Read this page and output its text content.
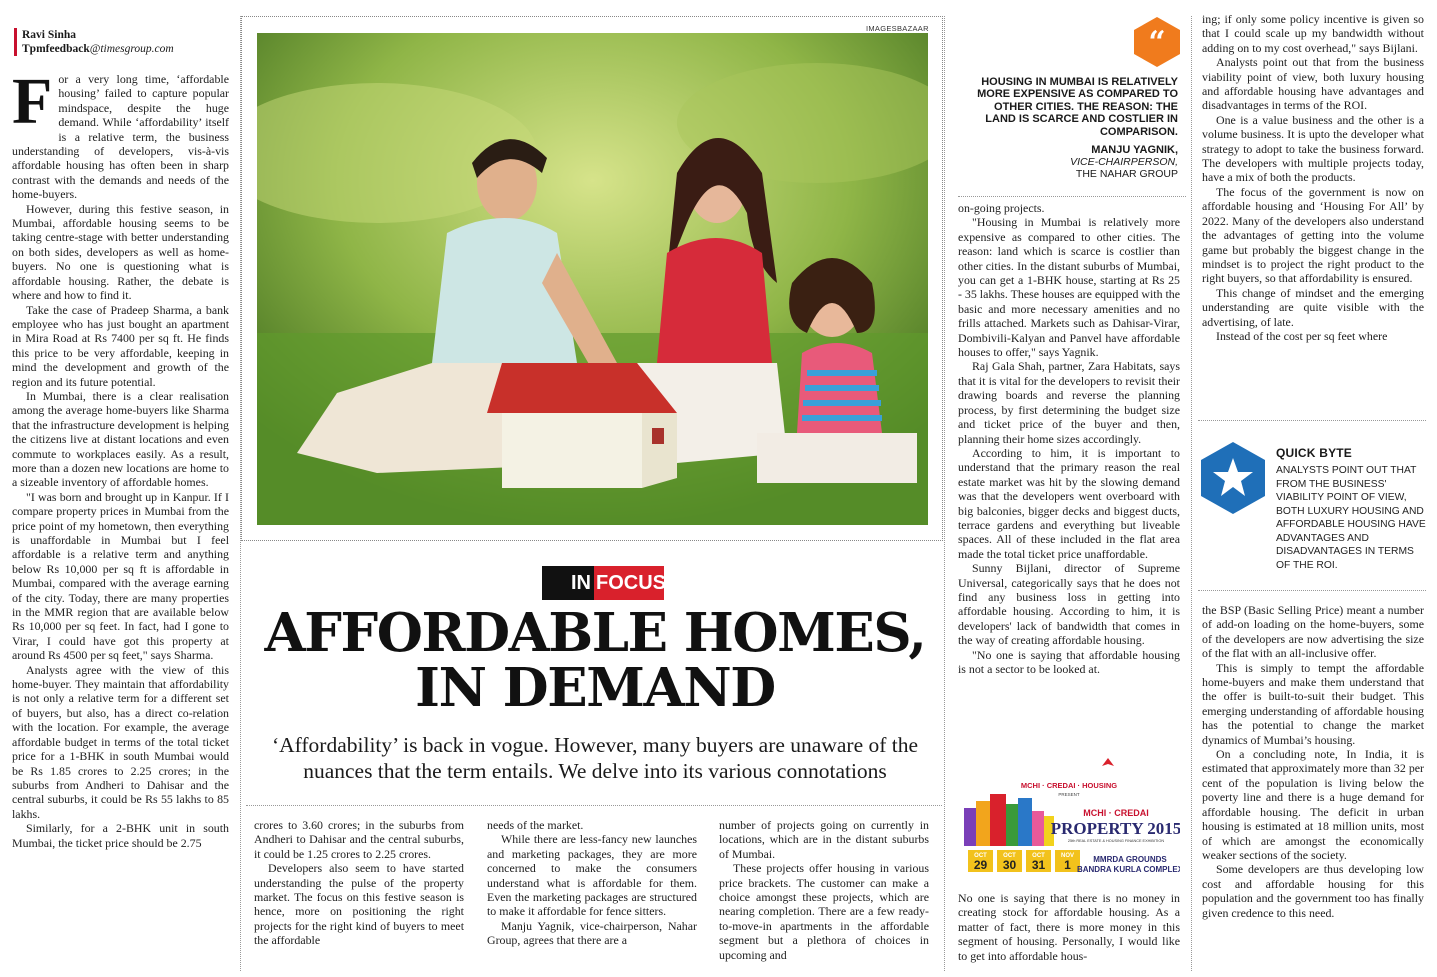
Ravi Sinha
Tpmfeedback@timesgroup.com

For a very long time, ‘affordable housing’ failed to capture popular mindspace, despite the huge demand. While ‘affordability’ itself is a relative term, the business understanding of developers, vis-à-vis affordable housing has often been in sharp contrast with the demands and needs of the home-buyers.

However, during this festive season, in Mumbai, affordable housing seems to be taking centre-stage with better understanding on both sides, developers as well as home-buyers. No one is questioning what is affordable housing. Rather, the debate is where and how to find it.

Take the case of Pradeep Sharma, a bank employee who has just bought an apartment in Mira Road at Rs 7400 per sq ft. He finds this price to be very affordable, keeping in mind the development and growth of the region and its future potential.

In Mumbai, there is a clear realisation among the average home-buyers like Sharma that the infrastructure development is helping the citizens live at distant locations and even commute to workplaces easily. As a result, more than a dozen new locations are home to a sizeable inventory of affordable homes.

"I was born and brought up in Kanpur. If I compare property prices in Mumbai from the price point of my hometown, then everything is unaffordable in Mumbai but I feel affordable is a relative term and anything below Rs 10,000 per sq ft is affordable in Mumbai, compared with the average earning of the city. Today, there are many properties in the MMR region that are available below Rs 10,000 per sq feet. In fact, had I gone to Virar, I could have got this property at around Rs 4500 per sq feet," says Sharma.

Analysts agree with the view of this home-buyer. They maintain that affordability is not only a relative term for a different set of buyers, but also, has a direct co-relation with the location. For example, the average affordable budget in terms of the total ticket price for a 1-BHK in south Mumbai would be Rs 1.85 crores to 2.25 crores; in the suburbs from Andheri to Dahisar and the central suburbs, it could be Rs 55 lakhs to 85 lakhs.

Similarly, for a 2-BHK unit in south Mumbai, the ticket price should be 2.75

IMAGESBAZAAR
IN FOCUS
AFFORDABLE HOMES,
IN DEMAND
‘Affordability’ is back in vogue. However, many buyers are unaware of the nuances that the term entails. We delve into its various connotations

crores to 3.60 crores; in the suburbs from Andheri to Dahisar and the central suburbs, it could be 1.25 crores to 2.25 crores.

Developers also seem to have started understanding the pulse of the property market. The focus on this festive season is hence, more on positioning the right projects for the right kind of buyers to meet the affordable

needs of the market.

While there are less-fancy new launches and marketing packages, they are more concerned to make the consumers understand what is affordable for them. Even the marketing packages are structured to make it affordable for fence sitters.

Manju Yagnik, vice-chairperson, Nahar Group, agrees that there are a

number of projects going on currently in locations, which are in the distant suburbs of Mumbai.

These projects offer housing in various price brackets. The customer can make a choice amongst these projects, which are nearing completion. There are a few ready-to-move-in apartments in the affordable segment but a plethora of choices in upcoming and

“
HOUSING IN MUMBAI IS RELATIVELY MORE EXPENSIVE AS COMPARED TO OTHER CITIES. THE REASON: THE LAND IS SCARCE AND COSTLIER IN COMPARISON.
MANJU YAGNIK,
VICE-CHAIRPERSON,
THE NAHAR GROUP

on-going projects.

"Housing in Mumbai is relatively more expensive as compared to other cities. The reason: land which is scarce is costlier than other cities. In the distant suburbs of Mumbai, you can get a 1-BHK house, starting at Rs 25 - 35 lakhs. These houses are equipped with the basic and more necessary amenities and no frills attached. Markets such as Dahisar-Virar, Dombivili-Kalyan and Panvel have affordable houses to offer," says Yagnik.

Raj Gala Shah, partner, Zara Habitats, says that it is vital for the developers to revisit their drawing boards and reverse the planning process, by first determining the budget size and ticket price of the buyer and then, planning their home sizes accordingly.

According to him, it is important to understand that the primary reason the real estate market was hit by the slowing demand was that the developers went overboard with big balconies, bigger decks and biggest ducts, terrace gardens and everything but liveable spaces. All of these included in the flat area made the total ticket price unaffordable.

Sunny Bijlani, director of Supreme Universal, categorically says that he does not find any business loss in getting into affordable housing. According to him, it is developers' lack of bandwidth that comes in the way of creating affordable housing.

"No one is saying that affordable housing is not a sector to be looked at.

MCHI · CREDAI · HOUSING
PRESENT
MCHI · CREDAI
PROPERTY 2015
25th REAL ESTATE & HOUSING FINANCE EXHIBITION
OCT
29
OCT
30
OCT
31
NOV
1	MMRDA GROUNDS
BANDRA KURLA COMPLEX

No one is saying that there is no money in creating stock for affordable housing. As a matter of fact, there is more money in this segment of housing. Personally, I would like to get into affordable hous-

ing; if only some policy incentive is given so that I could scale up my bandwidth without adding on to my cost overhead," says Bijlani.

Analysts point out that from the business viability point of view, both luxury housing and affordable housing have advantages and disadvantages in terms of the ROI.

One is a value business and the other is a volume business. It is upto the developer what strategy to adopt to take the business forward. The developers with multiple projects today, have a mix of both the products.

The focus of the government is now on affordable housing and ‘Housing For All’ by 2022. Many of the developers also understand the advantages of getting into the volume game but probably the biggest change in the mindset is to project the right product to the right buyers, so that affordability is ensured.

This change of mindset and the emerging understanding are quite visible with the advertising, of late.

Instead of the cost per sq feet where

QUICK BYTE
ANALYSTS POINT OUT THAT FROM THE BUSINESS' VIABILITY POINT OF VIEW, BOTH LUXURY HOUSING AND AFFORDABLE HOUSING HAVE ADVANTAGES AND DISADVANTAGES IN TERMS OF THE ROI.

the BSP (Basic Selling Price) meant a number of add-on loading on the home-buyers, some of the developers are now advertising the size of the flat with an all-inclusive offer.

This is simply to tempt the affordable home-buyers and make them understand that the offer is built-to-suit their budget. This emerging understanding of affordable housing has the potential to change the market dynamics of Mumbai’s housing.

On a concluding note, In India, it is estimated that approximately more than 32 per cent of the population is living below the poverty line and there is a huge demand for affordable housing. The deficit in urban housing is estimated at 18 million units, most of which are amongst the economically weaker sections of the society.

Some developers are thus developing low cost and affordable housing for this population and the government too has finally given credence to this need.
